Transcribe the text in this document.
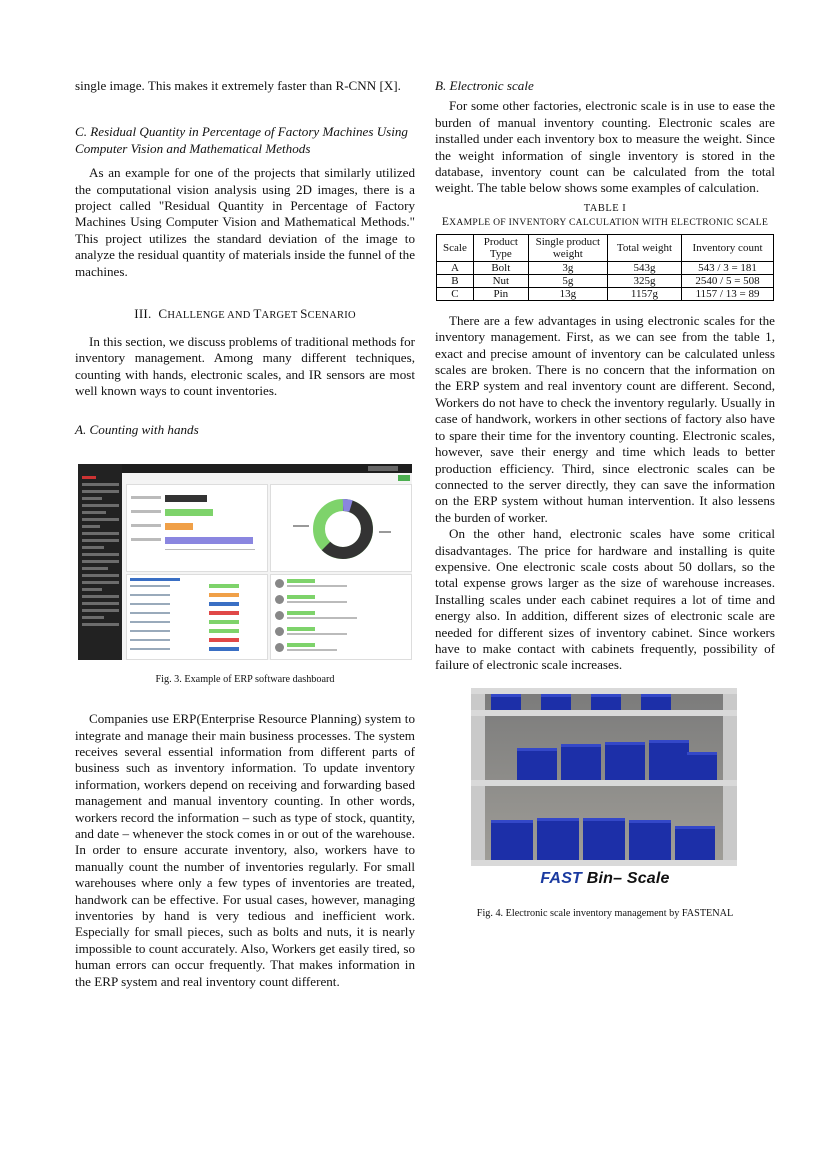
single image. This makes it extremely faster than R-CNN [X].

C. Residual Quantity in Percentage of Factory Machines Using Computer Vision and Mathematical Methods

As an example for one of the projects that similarly utilized the computational vision analysis using 2D images, there is a project called "Residual Quantity in Percentage of Factory Machines Using Computer Vision and Mathematical Methods." This project utilizes the standard deviation of the image to analyze the residual quantity of materials inside the funnel of the machines.

III. CHALLENGE AND TARGET SCENARIO

In this section, we discuss problems of traditional methods for inventory management. Among many different techniques, counting with hands, electronic scales, and IR sensors are most well known ways to count inventories.

A. Counting with hands
Fig. 3. Example of ERP software dashboard

Companies use ERP(Enterprise Resource Planning) system to integrate and manage their main business processes. The system receives several essential information from different parts of business such as inventory information. To update inventory information, workers depend on receiving and forwarding based management and manual inventory counting. In other words, workers record the information – such as type of stock, quantity, and date – whenever the stock comes in or out of the warehouse. In order to ensure accurate inventory, also, workers have to manually count the number of inventories regularly. For small warehouses where only a few types of inventories are treated, handwork can be effective. For usual cases, however, managing inventories by hand is very tedious and inefficient work. Especially for small pieces, such as bolts and nuts, it is nearly impossible to count accurately. Also, Workers get easily tired, so human errors can occur frequently. That makes information in the ERP system and real inventory count different.

B. Electronic scale

For some other factories, electronic scale is in use to ease the burden of manual inventory counting. Electronic scales are installed under each inventory box to measure the weight. Since the weight information of single inventory is stored in the database, inventory count can be calculated from the total weight. The table below shows some examples of calculation.

TABLE I
EXAMPLE OF INVENTORY CALCULATION WITH ELECTRONIC SCALE
Scale	Product Type	Single product weight	Total weight	Inventory count
A	Bolt	3g	543g	543 / 3 = 181
B	Nut	5g	325g	2540 / 5 = 508
C	Pin	13g	1157g	1157 / 13 = 89

There are a few advantages in using electronic scales for the inventory management. First, as we can see from the table 1, exact and precise amount of inventory can be calculated unless scales are broken. There is no concern that the information on the ERP system and real inventory count are different. Second, Workers do not have to check the inventory regularly. Usually in case of handwork, workers in other sections of factory also have to spare their time for the inventory counting. Electronic scales, however, save their energy and time which leads to better production efficiency. Third, since electronic scales can be connected to the server directly, they can save the information on the ERP system without human intervention. It also lessens the burden of worker.

On the other hand, electronic scales have some critical disadvantages. The price for hardware and installing is quite expensive. One electronic scale costs about 50 dollars, so the total expense grows larger as the size of warehouse increases. Installing scales under each cabinet requires a lot of time and energy also. In addition, different sizes of electronic scale are needed for different sizes of inventory cabinet. Since workers have to make contact with cabinets frequently, possibility of failure of electronic scale increases.

FAST Bin– Scale
Fig. 4. Electronic scale inventory management by FASTENAL
